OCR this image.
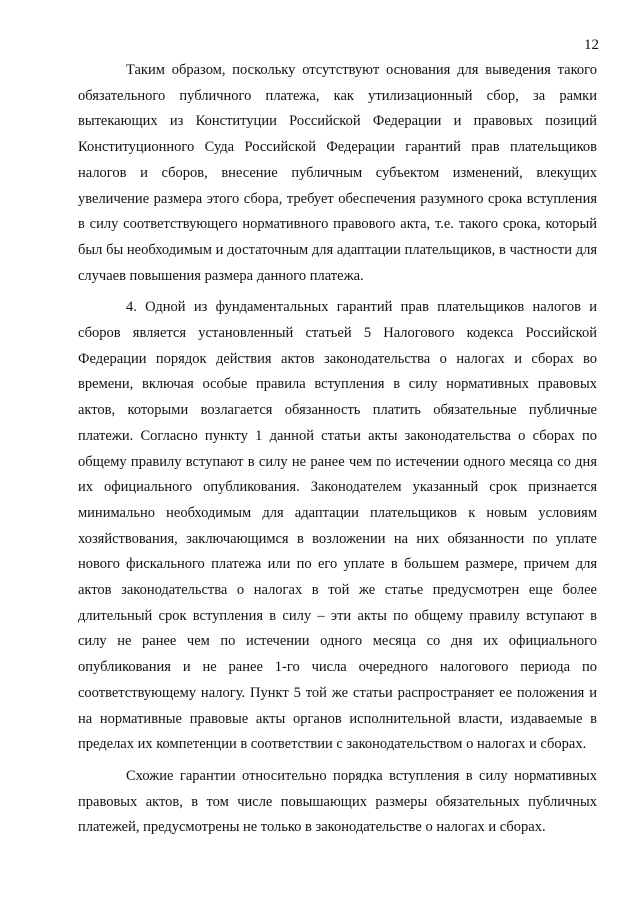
12

Таким образом, поскольку отсутствуют основания для выведения такого обязательного публичного платежа, как утилизационный сбор, за рамки вытекающих из Конституции Российской Федерации и правовых позиций Конституционного Суда Российской Федерации гарантий прав плательщиков налогов и сборов, внесение публичным субъектом изменений, влекущих увеличение размера этого сбора, требует обеспечения разумного срока вступления в силу соответствующего нормативного правового акта, т.е. такого срока, который был бы необходимым и достаточным для адаптации плательщиков, в частности для случаев повышения размера данного платежа.

4. Одной из фундаментальных гарантий прав плательщиков налогов и сборов является установленный статьей 5 Налогового кодекса Российской Федерации порядок действия актов законодательства о налогах и сборах во времени, включая особые правила вступления в силу нормативных правовых актов, которыми возлагается обязанность платить обязательные публичные платежи. Согласно пункту 1 данной статьи акты законодательства о сборах по общему правилу вступают в силу не ранее чем по истечении одного месяца со дня их официального опубликования. Законодателем указанный срок признается минимально необходимым для адаптации плательщиков к новым условиям хозяйствования, заключающимся в возложении на них обязанности по уплате нового фискального платежа или по его уплате в большем размере, причем для актов законодательства о налогах в той же статье предусмотрен еще более длительный срок вступления в силу – эти акты по общему правилу вступают в силу не ранее чем по истечении одного месяца со дня их официального опубликования и не ранее 1-го числа очередного налогового периода по соответствующему налогу. Пункт 5 той же статьи распространяет ее положения и на нормативные правовые акты органов исполнительной власти, издаваемые в пределах их компетенции в соответствии с законодательством о налогах и сборах.

Схожие гарантии относительно порядка вступления в силу нормативных правовых актов, в том числе повышающих размеры обязательных публичных платежей, предусмотрены не только в законодательстве о налогах и сборах.
